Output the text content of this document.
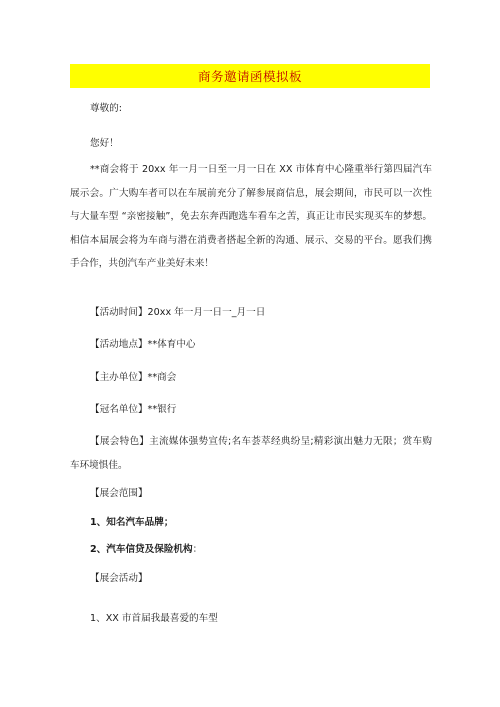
商务邀请函模拟板
尊敬的:
您好！
**商会将于 20xx 年一月一日至一月一日在 XX 市体育中心隆重举行第四届汽车展示会。广大购车者可以在车展前充分了解参展商信息，展会期间，市民可以一次性与大量车型 “亲密接触”，免去东奔西跑选车看车之苦，真正让市民实现买车的梦想。相信本届展会将为车商与潜在消费者搭起全新的沟通、展示、交易的平台。愿我们携手合作，共创汽车产业美好未来！
【活动时间】20xx 年一月一日一_月一日
【活动地点】**体育中心
【主办单位】**商会
【冠名单位】**银行
【展会特色】主流媒体强势宣传;名车荟萃经典纷呈;精彩演出魅力无限；赏车购车环境惧佳。
【展会范围】
1、知名汽车品牌；
2、汽车信贷及保险机构：
【展会活动】
1、XX 市首届我最喜爱的车型
